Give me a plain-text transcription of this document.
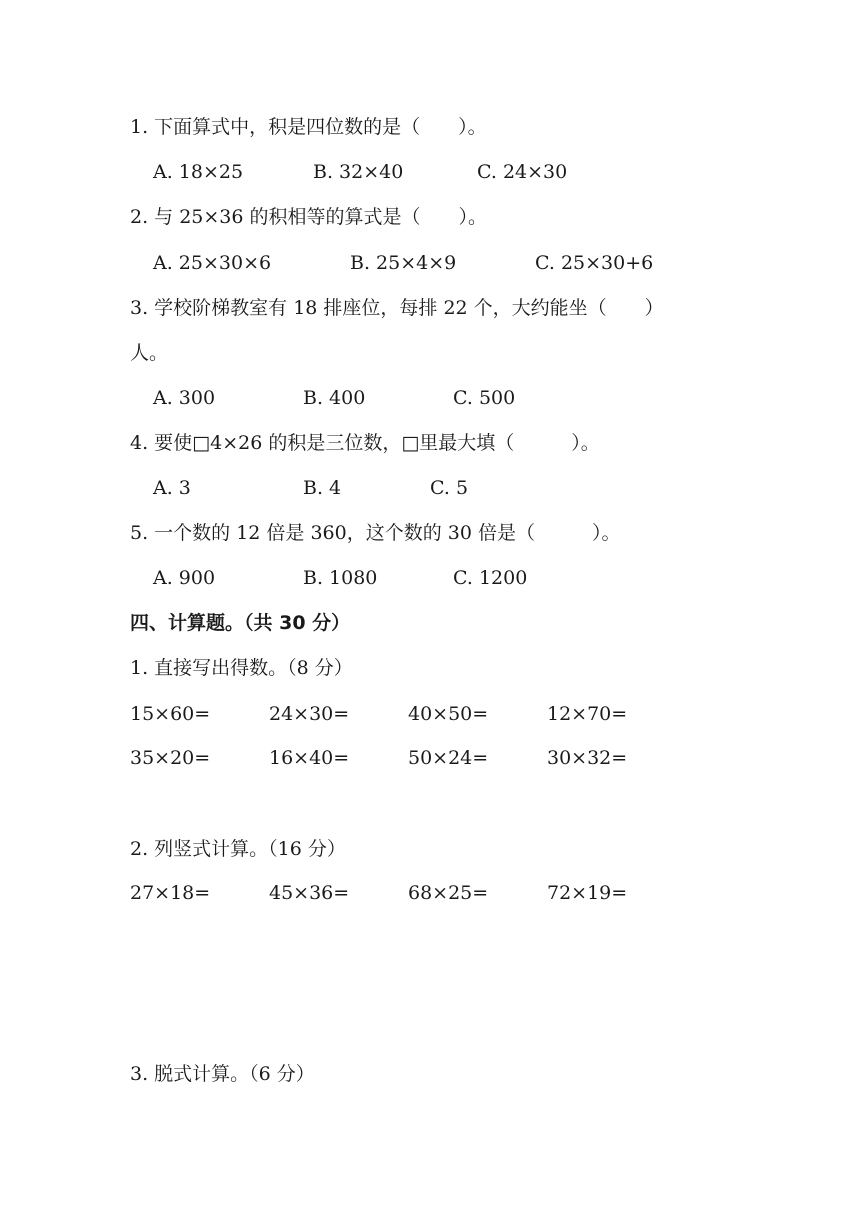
1. 下面算式中，积是四位数的是（　　）。
A. 18×25	B. 32×40	C. 24×30
2. 与 25×36 的积相等的算式是（　　）。
A. 25×30×6	B. 25×4×9	C. 25×30+6
3. 学校阶梯教室有 18 排座位，每排 22 个，大约能坐（　　）
人。
A. 300	B. 400	C. 500
4. 要使□4×26 的积是三位数，□里最大填（　　　）。
A. 3	B. 4	C. 5
5. 一个数的 12 倍是 360，这个数的 30 倍是（　　　）。
A. 900	B. 1080	C. 1200
四、计算题。（共 30 分）
1. 直接写出得数。（8 分）
15×60=	24×30=	40×50=	12×70=
35×20=	16×40=	50×24=	30×32=
2. 列竖式计算。（16 分）
27×18=	45×36=	68×25=	72×19=
3. 脱式计算。（6 分）
